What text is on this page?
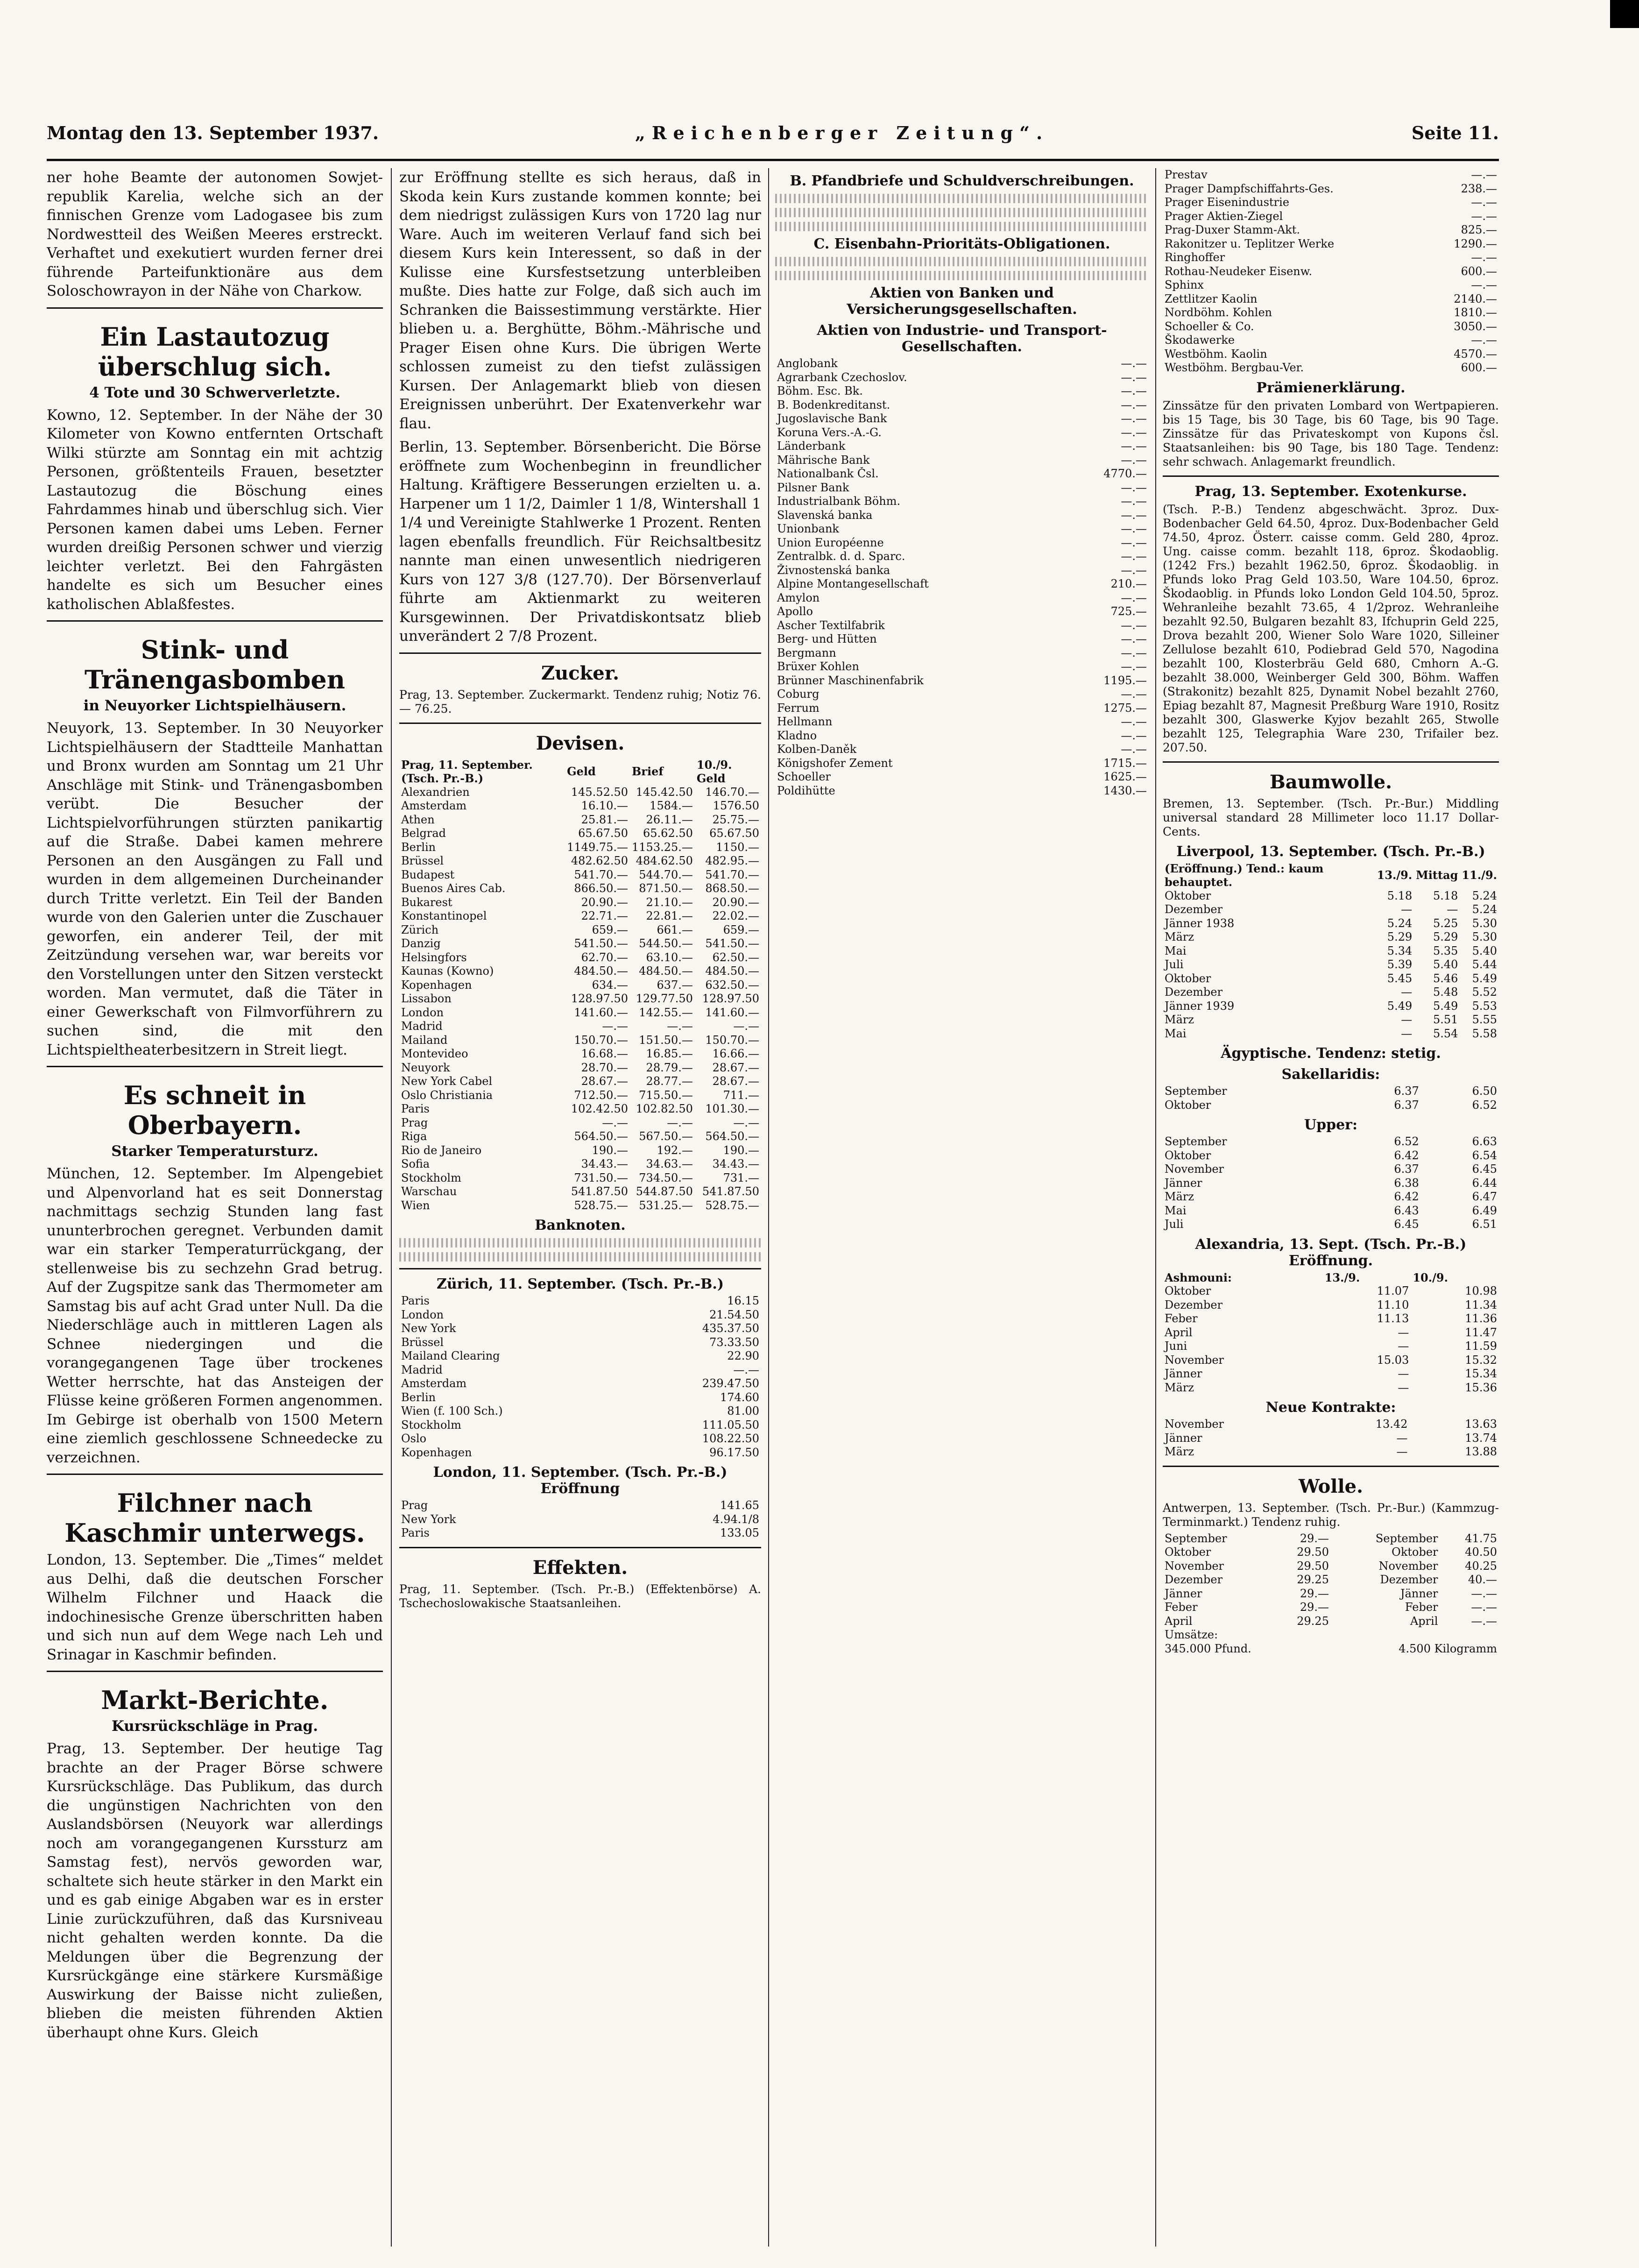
Montag den 13. September 1937.	„Reichenberger Zeitung“.	Seite 11.

ner hohe Beamte der autonomen Sowjet-republik Karelia, welche sich an der finnischen Grenze vom Ladogasee bis zum Nordwestteil des Weißen Meeres erstreckt. Verhaftet und exekutiert wurden ferner drei führende Parteifunktionäre aus dem Soloschowrayon in der Nähe von Charkow.

Ein Lastautozug überschlug sich.
4 Tote und 30 Schwerverletzte.

Kowno, 12. September. In der Nähe der 30 Kilometer von Kowno entfernten Ortschaft Wilki stürzte am Sonntag ein mit achtzig Personen, größtenteils Frauen, besetzter Lastautozug die Böschung eines Fahrdammes hinab und überschlug sich. Vier Personen kamen dabei ums Leben. Ferner wurden dreißig Personen schwer und vierzig leichter verletzt. Bei den Fahrgästen handelte es sich um Besucher eines katholischen Ablaßfestes.

Stink- und Tränengasbomben
in Neuyorker Lichtspielhäusern.

Neuyork, 13. September. In 30 Neuyorker Lichtspielhäusern der Stadtteile Manhattan und Bronx wurden am Sonntag um 21 Uhr Anschläge mit Stink- und Tränengasbomben verübt. Die Besucher der Lichtspielvorführungen stürzten panikartig auf die Straße. Dabei kamen mehrere Personen an den Ausgängen zu Fall und wurden in dem allgemeinen Durcheinander durch Tritte verletzt. Ein Teil der Banden wurde von den Galerien unter die Zuschauer geworfen, ein anderer Teil, der mit Zeitzündung versehen war, war bereits vor den Vorstellungen unter den Sitzen versteckt worden. Man vermutet, daß die Täter in einer Gewerkschaft von Filmvorführern zu suchen sind, die mit den Lichtspieltheaterbesitzern in Streit liegt.

Es schneit in Oberbayern.
Starker Temperatursturz.

München, 12. September. Im Alpengebiet und Alpenvorland hat es seit Donnerstag nachmittags sechzig Stunden lang fast ununterbrochen geregnet. Verbunden damit war ein starker Temperaturrückgang, der stellenweise bis zu sechzehn Grad betrug. Auf der Zugspitze sank das Thermometer am Samstag bis auf acht Grad unter Null. Da die Niederschläge auch in mittleren Lagen als Schnee niedergingen und die vorangegangenen Tage über trockenes Wetter herrschte, hat das Ansteigen der Flüsse keine größeren Formen angenommen. Im Gebirge ist oberhalb von 1500 Metern eine ziemlich geschlossene Schneedecke zu verzeichnen.

Filchner nach Kaschmir unterwegs.

London, 13. September. Die „Times“ meldet aus Delhi, daß die deutschen Forscher Wilhelm Filchner und Haack die indochinesische Grenze überschritten haben und sich nun auf dem Wege nach Leh und Srinagar in Kaschmir befinden.

Markt-Berichte.
Kursrückschläge in Prag.

Prag, 13. September. Der heutige Tag brachte an der Prager Börse schwere Kursrückschläge. Das Publikum, das durch die ungünstigen Nachrichten von den Auslandsbörsen (Neuyork war allerdings noch am vorangegangenen Kurssturz am Samstag fest), nervös geworden war, schaltete sich heute stärker in den Markt ein und es gab einige Abgaben war es in erster Linie zurückzuführen, daß das Kursniveau nicht gehalten werden konnte. Da die Meldungen über die Begrenzung der Kursrückgänge eine stärkere Kursmäßige Auswirkung der Baisse nicht zuließen, blieben die meisten führenden Aktien überhaupt ohne Kurs. Gleich

zur Eröffnung stellte es sich heraus, daß in Skoda kein Kurs zustande kommen konnte; bei dem niedrigst zulässigen Kurs von 1720 lag nur Ware. Auch im weiteren Verlauf fand sich bei diesem Kurs kein Interessent, so daß in der Kulisse eine Kursfestsetzung unterbleiben mußte. Dies hatte zur Folge, daß sich auch im Schranken die Baissestimmung verstärkte. Hier blieben u. a. Berghütte, Böhm.-Mährische und Prager Eisen ohne Kurs. Die übrigen Werte schlossen zumeist zu den tiefst zulässigen Kursen. Der Anlagemarkt blieb von diesen Ereignissen unberührt. Der Exatenverkehr war flau.

Berlin, 13. September. Börsenbericht. Die Börse eröffnete zum Wochenbeginn in freundlicher Haltung. Kräftigere Besserungen erzielten u. a. Harpener um 1 1/2, Daimler 1 1/8, Wintershall 1 1/4 und Vereinigte Stahlwerke 1 Prozent. Renten lagen ebenfalls freundlich. Für Reichsaltbesitz nannte man einen unwesentlich niedrigeren Kurs von 127 3/8 (127.70). Der Börsenverlauf führte am Aktienmarkt zu weiteren Kursgewinnen. Der Privatdiskontsatz blieb unverändert 2 7/8 Prozent.

Zucker.

Prag, 13. September. Zuckermarkt. Tendenz ruhig; Notiz 76.— 76.25.

Devisen.
Prag, 11. September. (Tsch. Pr.-B.)	Geld	Brief	10./9. Geld
Alexandrien	145.52.50	145.42.50	146.70.—
Amsterdam	16.10.—	1584.—	1576.50
Athen	25.81.—	26.11.—	25.75.—
Belgrad	65.67.50	65.62.50	65.67.50
Berlin	1149.75.—	1153.25.—	1150.—
Brüssel	482.62.50	484.62.50	482.95.—
Budapest	541.70.—	544.70.—	541.70.—
Buenos Aires Cab.	866.50.—	871.50.—	868.50.—
Bukarest	20.90.—	21.10.—	20.90.—
Konstantinopel	22.71.—	22.81.—	22.02.—
Zürich	659.—	661.—	659.—
Danzig	541.50.—	544.50.—	541.50.—
Helsingfors	62.70.—	63.10.—	62.50.—
Kaunas (Kowno)	484.50.—	484.50.—	484.50.—
Kopenhagen	634.—	637.—	632.50.—
Lissabon	128.97.50	129.77.50	128.97.50
London	141.60.—	142.55.—	141.60.—
Madrid	—.—	—.—	—.—
Mailand	150.70.—	151.50.—	150.70.—
Montevideo	16.68.—	16.85.—	16.66.—
Neuyork	28.70.—	28.79.—	28.67.—
New York Cabel	28.67.—	28.77.—	28.67.—
Oslo Christiania	712.50.—	715.50.—	711.—
Paris	102.42.50	102.82.50	101.30.—
Prag	—.—	—.—	—.—
Riga	564.50.—	567.50.—	564.50.—
Rio de Janeiro	190.—	192.—	190.—
Sofia	34.43.—	34.63.—	34.43.—
Stockholm	731.50.—	734.50.—	731.—
Warschau	541.87.50	544.87.50	541.87.50
Wien	528.75.—	531.25.—	528.75.—
Banknoten.
Zürich, 11. September. (Tsch. Pr.-B.)
Paris	16.15
London	21.54.50
New York	435.37.50
Brüssel	73.33.50
Mailand Clearing	22.90
Madrid	—.—
Amsterdam	239.47.50
Berlin	174.60
Wien (f. 100 Sch.)	81.00
Stockholm	111.05.50
Oslo	108.22.50
Kopenhagen	96.17.50
London, 11. September. (Tsch. Pr.-B.) Eröffnung
Prag	141.65
New York	4.94.1/8
Paris	133.05
Effekten.

Prag, 11. September. (Tsch. Pr.-B.) (Effektenbörse) A. Tschechoslowakische Staatsanleihen.

B. Pfandbriefe und Schuldverschreibungen.
C. Eisenbahn-Prioritäts-Obligationen.
Aktien von Banken und Versicherungsgesellschaften.
Aktien von Industrie- und Transport-Gesellschaften.
Anglobank	—.—
Agrarbank Czechoslov.	—.—
Böhm. Esc. Bk.	—.—
B. Bodenkreditanst.	—.—
Jugoslavische Bank	—.—
Koruna Vers.-A.-G.	—.—
Länderbank	—.—
Mährische Bank	—.—
Nationalbank Čsl.	4770.—
Pilsner Bank	—.—
Industrialbank Böhm.	—.—
Slavenská banka	—.—
Unionbank	—.—
Union Européenne	—.—
Zentralbk. d. d. Sparc.	—.—
Živnostenská banka	—.—
Alpine Montangesellschaft	210.—
Amylon	—.—
Apollo	725.—
Ascher Textilfabrik	—.—
Berg- und Hütten	—.—
Bergmann	—.—
Brüxer Kohlen	—.—
Brünner Maschinenfabrik	1195.—
Coburg	—.—
Ferrum	1275.—
Hellmann	—.—
Kladno	—.—
Kolben-Daněk	—.—
Königshofer Zement	1715.—
Schoeller	1625.—
Poldihütte	1430.—
Prestav	—.—
Prager Dampfschiffahrts-Ges.	238.—
Prager Eisenindustrie	—.—
Prager Aktien-Ziegel	—.—
Prag-Duxer Stamm-Akt.	825.—
Rakonitzer u. Teplitzer Werke	1290.—
Ringhoffer	—.—
Rothau-Neudeker Eisenw.	600.—
Sphinx	—.—
Zettlitzer Kaolin	2140.—
Nordböhm. Kohlen	1810.—
Schoeller & Co.	3050.—
Škodawerke	—.—
Westböhm. Kaolin	4570.—
Westböhm. Bergbau-Ver.	600.—
Prämienerklärung.

Zinssätze für den privaten Lombard von Wertpapieren. bis 15 Tage, bis 30 Tage, bis 60 Tage, bis 90 Tage. Zinssätze für das Privateskompt von Kupons čsl. Staatsanleihen: bis 90 Tage, bis 180 Tage. Tendenz: sehr schwach. Anlagemarkt freundlich.

Prag, 13. September. Exotenkurse.

(Tsch. P.-B.) Tendenz abgeschwächt. 3proz. Dux-Bodenbacher Geld 64.50, 4proz. Dux-Bodenbacher Geld 74.50, 4proz. Österr. caisse comm. Geld 280, 4proz. Ung. caisse comm. bezahlt 118, 6proz. Škodaoblig. (1242 Frs.) bezahlt 1962.50, 6proz. Škodaoblig. in Pfunds loko Prag Geld 103.50, Ware 104.50, 6proz. Škodaoblig. in Pfunds loko London Geld 104.50, 5proz. Wehranleihe bezahlt 73.65, 4 1/2proz. Wehranleihe bezahlt 92.50, Bulgaren bezahlt 83, Ifchuprin Geld 225, Drova bezahlt 200, Wiener Solo Ware 1020, Silleiner Zellulose bezahlt 610, Podiebrad Geld 570, Nagodina bezahlt 100, Klosterbräu Geld 680, Cmhorn A.-G. bezahlt 38.000, Weinberger Geld 300, Böhm. Waffen (Strakonitz) bezahlt 825, Dynamit Nobel bezahlt 2760, Epiag bezahlt 87, Magnesit Preßburg Ware 1910, Rositz bezahlt 300, Glaswerke Kyjov bezahlt 265, Stwolle bezahlt 125, Telegraphia Ware 230, Trifailer bez. 207.50.

Baumwolle.

Bremen, 13. September. (Tsch. Pr.-Bur.) Middling universal standard 28 Millimeter loco 11.17 Dollar-Cents.

Liverpool, 13. September. (Tsch. Pr.-B.)
(Eröffnung.) Tend.: kaum behauptet.	13./9.	Mittag	11./9.
Oktober	5.18	5.18	5.24
Dezember	—	—	5.24
Jänner 1938	5.24	5.25	5.30
März	5.29	5.29	5.30
Mai	5.34	5.35	5.40
Juli	5.39	5.40	5.44
Oktober	5.45	5.46	5.49
Dezember	—	5.48	5.52
Jänner 1939	5.49	5.49	5.53
März	—	5.51	5.55
Mai	—	5.54	5.58
Ägyptische. Tendenz: stetig.
Sakellaridis:
September	6.37	6.50
Oktober	6.37	6.52
Upper:
September	6.52	6.63
Oktober	6.42	6.54
November	6.37	6.45
Jänner	6.38	6.44
März	6.42	6.47
Mai	6.43	6.49
Juli	6.45	6.51
Alexandria, 13. Sept. (Tsch. Pr.-B.) Eröffnung.
Ashmouni:	13./9.	10./9.
Oktober	11.07	10.98
Dezember	11.10	11.34
Feber	11.13	11.36
April	—	11.47
Juni	—	11.59
November	15.03	15.32
Jänner	—	15.34
März	—	15.36
Neue Kontrakte:
November	13.42	13.63
Jänner	—	13.74
März	—	13.88
Wolle.

Antwerpen, 13. September. (Tsch. Pr.-Bur.) (Kammzug-Terminmarkt.) Tendenz ruhig.

September	29.—	September	41.75
Oktober	29.50	Oktober	40.50
November	29.50	November	40.25
Dezember	29.25	Dezember	40.—
Jänner	29.—	Jänner	—.—
Feber	29.—	Feber	—.—
April	29.25	April	—.—
Umsätze:
345.000 Pfund.	4.500 Kilogramm
